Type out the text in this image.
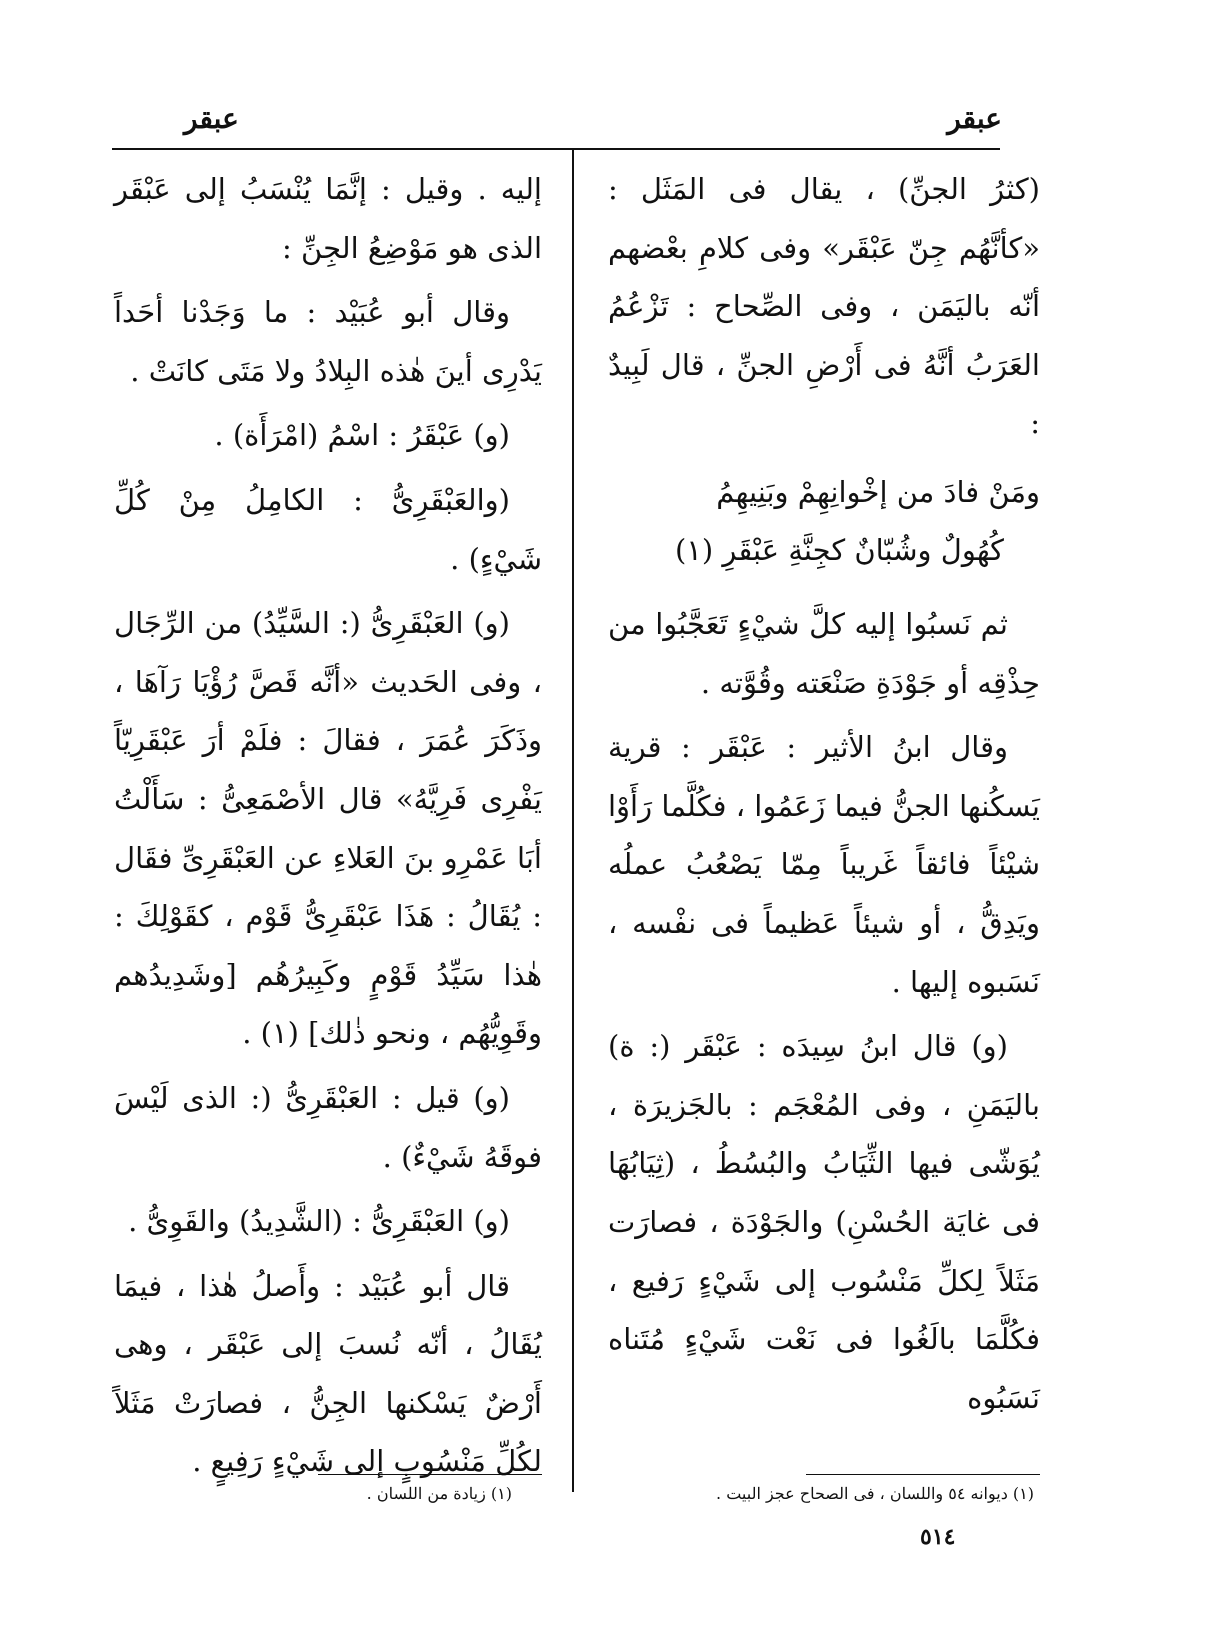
عبقر
عبقر

(كثرُ الجنِّ) ، يقال فى المَثَل : «كأنَّهُم جِنّ عَبْقَر» وفى كلامِ بعْضهم أنّه باليَمَن ، وفى الصِّحاح : تَزْعُمُ العَرَبُ أنَّهُ فى أَرْضِ الجنِّ ، قال لَبِيدٌ :

ومَنْ فادَ من إخْوانِهِمْ وبَنِيهِمُ
كُهُولٌ وشُبّانٌ كجِنَّةِ عَبْقَرِ (١)

ثم نَسبُوا إليه كلَّ شيْءٍ تَعَجَّبُوا من حِذْقِه أو جَوْدَةِ صَنْعَته وقُوَّته .

وقال ابنُ الأثير : عَبْقَر : قرية يَسكُنها الجنُّ فيما زَعَمُوا ، فكُلَّما رَأَوْا شيْئاً فائقاً غَريباً مِمّا يَصْعُبُ عملُه ويَدِقُّ ، أو شيئاً عَظيماً فى نفْسه ، نَسَبوه إليها .

(و) قال ابنُ سِيدَه : عَبْقَر (: ة) باليَمَنِ ، وفى المُعْجَم : بالجَزيرَة ، يُوَشّى فيها الثِّيَابُ والبُسُطُ ، (ثِيَابُهَا فى غايَة الحُسْنِ) والجَوْدَة ، فصارَت مَثَلاً لِكلِّ مَنْسُوب إلى شَيْءٍ رَفيع ، فكُلَّمَا بالَغُوا فى نَعْت شَيْءٍ مُتَناه نَسَبُوه

إليه . وقيل : إنَّمَا يُنْسَبُ إلى عَبْقَر الذى هو مَوْضِعُ الجِنِّ :

وقال أبو عُبَيْد : ما وَجَدْنا أحَداً يَدْرِى أينَ هٰذه البِلادُ ولا مَتَى كانَتْ .

(و) عَبْقَرُ : اسْمُ (امْرَأَة) .

(والعَبْقَرِىُّ : الكامِلُ مِنْ كُلِّ شَيْءٍ) .

(و) العَبْقَرِىُّ (: السَّيِّدُ) من الرِّجَال ، وفى الحَديث «أنَّه قَصَّ رُؤْيَا رَآهَا ، وذَكَرَ عُمَرَ ، فقالَ : فلَمْ أرَ عَبْقَرِيّاً يَفْرِى فَرِيَّهُ» قال الأصْمَعِىُّ : سَأَلْتُ أبَا عَمْرِو بنَ العَلاءِ عن العَبْقَرِىِّ فقَال : يُقَالُ : هَذَا عَبْقَرِىُّ قَوْم ، كقَوْلِكَ : هٰذا سَيِّدُ قَوْمٍ وكَبِيرُهُم [وشَدِيدُهم وقَوِيُّهُم ، ونحو ذٰلك] (١) .

(و) قيل : العَبْقَرِىُّ (: الذى لَيْسَ فوقَهُ شَيْءٌ) .

(و) العَبْقَرِىُّ : (الشَّدِيدُ) والقَوِىُّ .

قال أبو عُبَيْد : وأَصلُ هٰذا ، فيمَا يُقَالُ ، أنّه نُسبَ إلى عَبْقَر ، وهى أَرْضٌ يَسْكنها الجِنُّ ، فصارَتْ مَثَلاً لكُلِّ مَنْسُوبٍ إلى شَيْءٍ رَفِيعٍ .

(١) ديوانه ٥٤ واللسان ، فى الصحاح عجز البيت .
(١) زيادة من اللسان .
٥١٤
